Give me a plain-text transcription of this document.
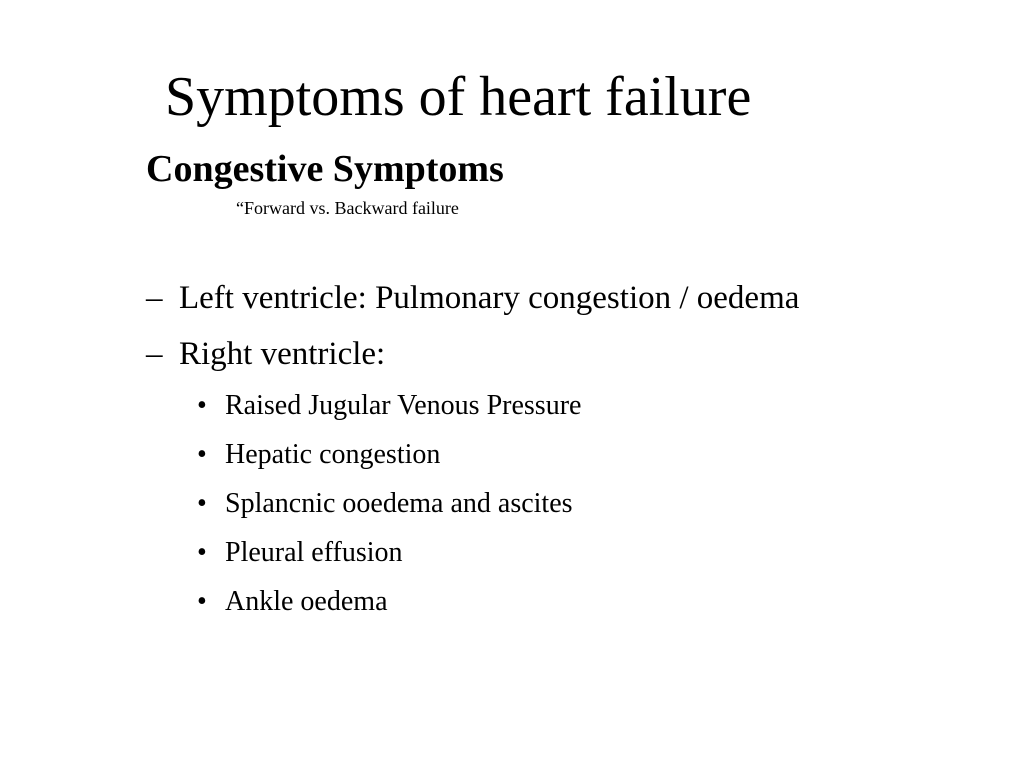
Symptoms of heart failure
Congestive Symptoms
“Forward vs. Backward failure
– Left ventricle: Pulmonary congestion / oedema
– Right ventricle:
• Raised Jugular Venous Pressure
• Hepatic congestion
• Splancnic ooedema and ascites
• Pleural effusion
• Ankle oedema
